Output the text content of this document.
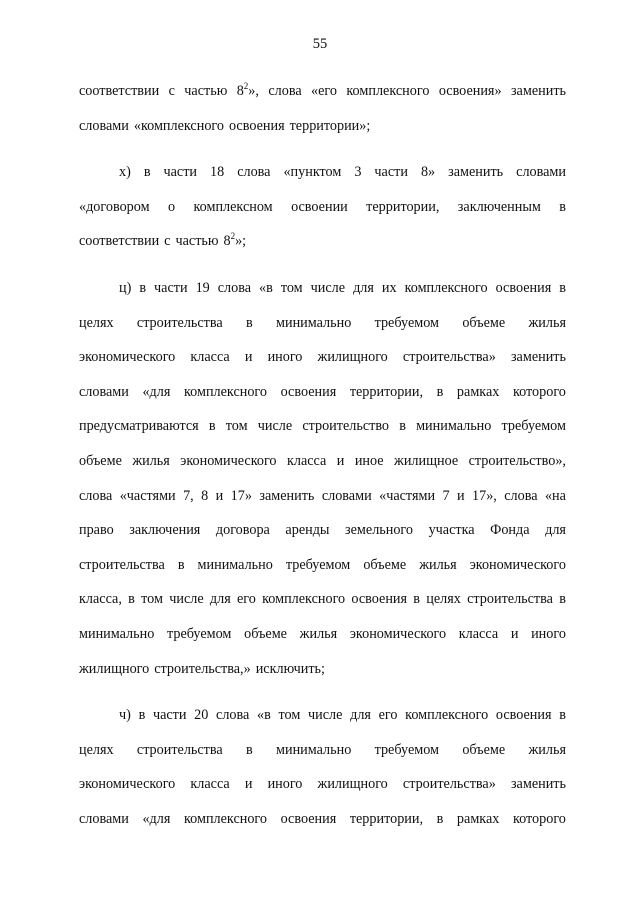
55
соответствии с частью $8^2$», слова «его комплексного освоения» заменить
словами «комплексного освоения территории»;
х) в части 18 слова «пунктом 3 части 8» заменить словами
«договором о комплексном освоении территории, заключенным в
соответствии с частью $8^2$»;
ц) в части 19 слова «в том числе для их комплексного освоения в
целях строительства в минимально требуемом объеме жилья
экономического класса и иного жилищного строительства» заменить
словами «для комплексного освоения территории, в рамках которого
предусматриваются в том числе строительство в минимально требуемом
объеме жилья экономического класса и иное жилищное строительство»,
слова «частями 7, 8 и 17» заменить словами «частями 7 и 17», слова «на
право заключения договора аренды земельного участка Фонда для
строительства в минимально требуемом объеме жилья экономического
класса, в том числе для его комплексного освоения в целях строительства в
минимально требуемом объеме жилья экономического класса и иного
жилищного строительства,» исключить;
ч) в части 20 слова «в том числе для его комплексного освоения в
целях строительства в минимально требуемом объеме жилья
экономического класса и иного жилищного строительства» заменить
словами «для комплексного освоения территории, в рамках которого
